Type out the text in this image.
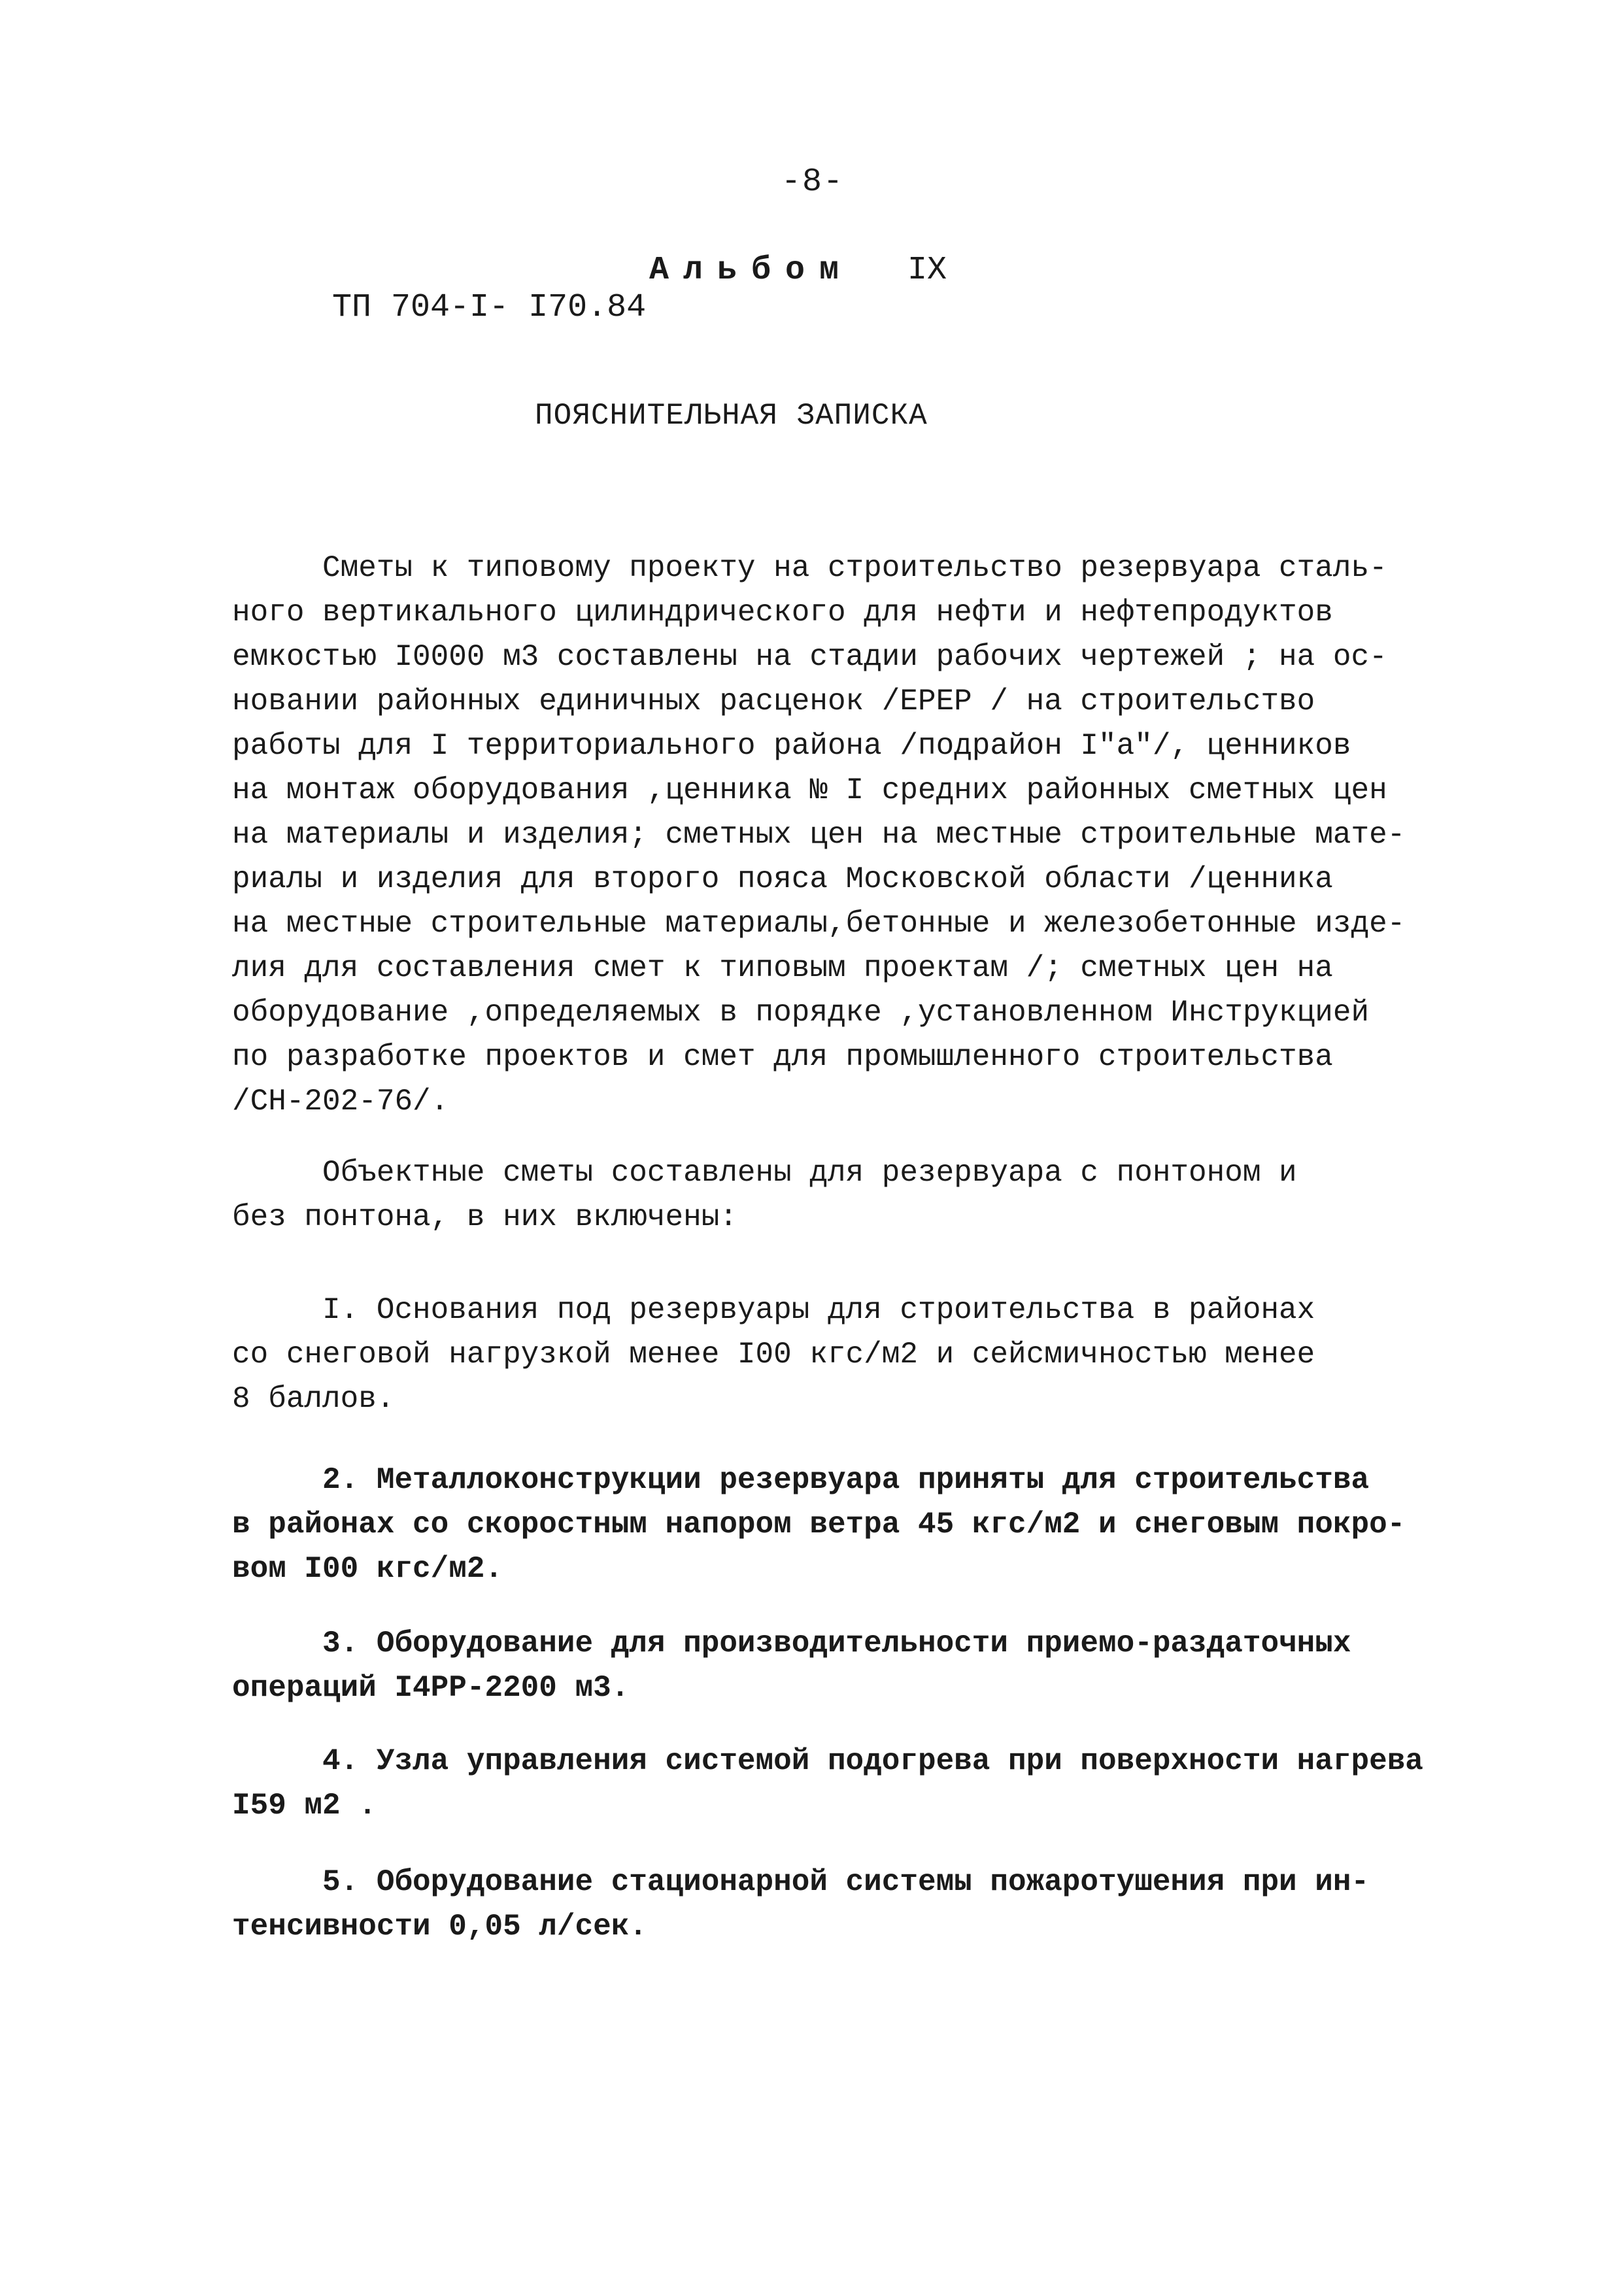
-8-

ТП 704-I- I70.84

Альбом

IX

ПОЯСНИТЕЛЬНАЯ ЗАПИСКА
Сметы к типовому проекту на строительство резервуара сталь-
ного вертикального цилиндрического для нефти и нефтепродуктов
емкостью I0000 м3 составлены на стадии рабочих чертежей ; на ос-
новании районных единичных расценок /ЕРЕР / на строительство
работы для I территориального района /подрайон I"а"/, ценников
на монтаж оборудования ,ценника № I средних районных сметных цен
на материалы и изделия; сметных цен на местные строительные мате-
риалы и изделия для второго пояса Московской области /ценника
на местные строительные материалы,бетонные и железобетонные изде-
лия для составления смет к типовым проектам /; сметных цен на
оборудование ,определяемых в порядке ,установленном Инструкцией
по разработке проектов и смет для промышленного строительства
/СН-202-76/.
Объектные сметы составлены для резервуара с понтоном и
без понтона, в них включены:
I. Основания под резервуары для строительства в районах
со снеговой нагрузкой менее I00 кгс/м2 и сейсмичностью менее
8 баллов.
2. Металлоконструкции резервуара приняты для строительства
в районах со скоростным напором ветра 45 кгс/м2 и снеговым покро-
вом I00 кгс/м2.
3. Оборудование для производительности приемо-раздаточных
операций I4РР-2200 м3.
4. Узла управления системой подогрева при поверхности нагрева
I59 м2 .
5. Оборудование стационарной системы пожаротушения при ин-
тенсивности 0,05 л/сек.
